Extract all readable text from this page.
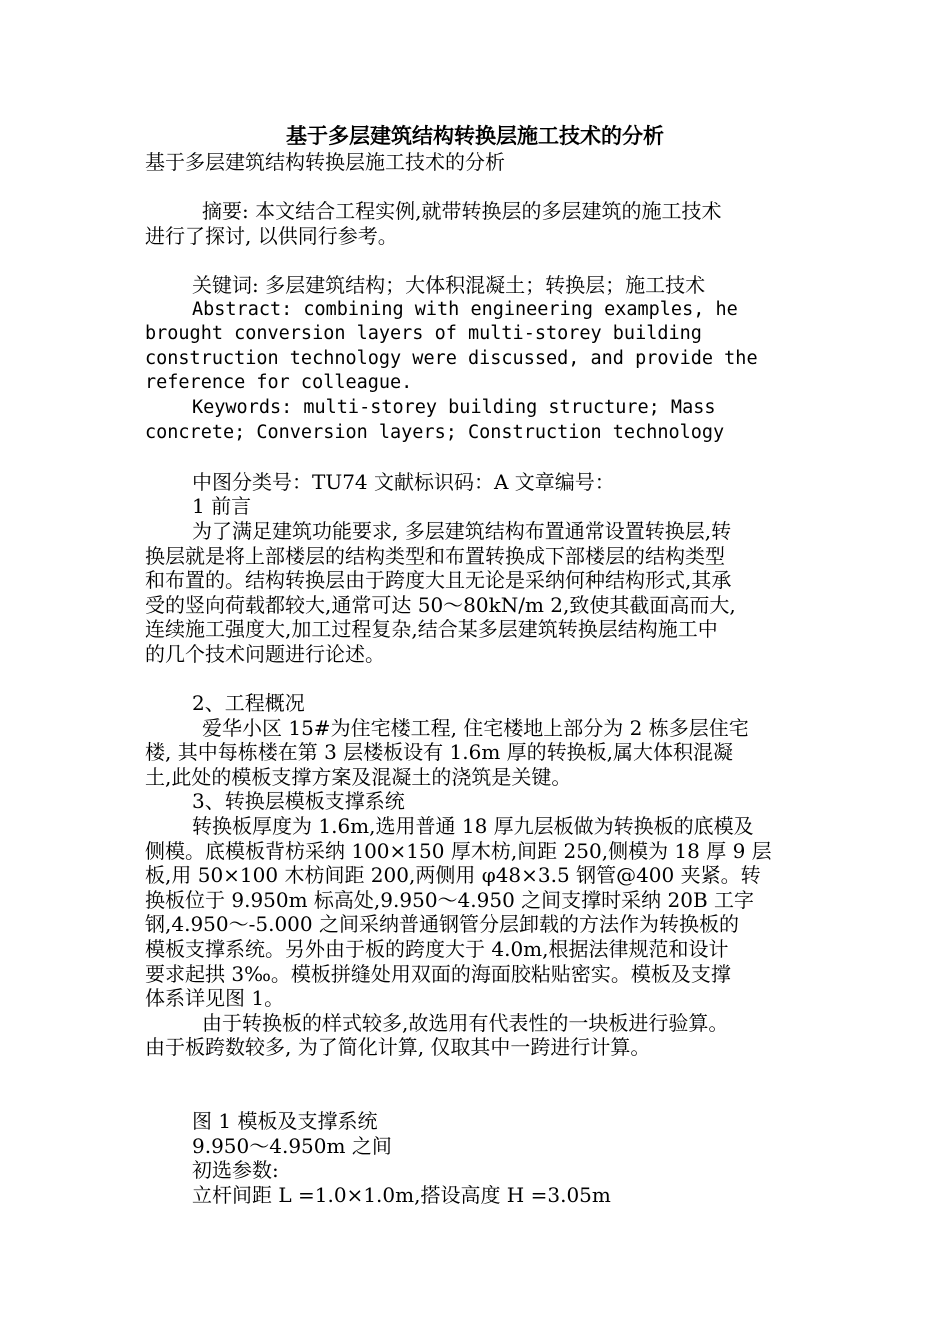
基于多层建筑结构转换层施工技术的分析
基于多层建筑结构转换层施工技术的分析
摘要: 本文结合工程实例,就带转换层的多层建筑的施工技术
进行了探讨, 以供同行参考。
关键词: 多层建筑结构；大体积混凝土；转换层；施工技术
Abstract: combining with engineering examples, he
brought conversion layers of multi-storey building
construction technology were discussed, and provide the
reference for colleague.
Keywords: multi-storey building structure; Mass
concrete; Conversion layers; Construction technology
中图分类号：TU74 文献标识码：A 文章编号：
1 前言
为了满足建筑功能要求, 多层建筑结构布置通常设置转换层,转
换层就是将上部楼层的结构类型和布置转换成下部楼层的结构类型
和布置的。结构转换层由于跨度大且无论是采纳何种结构形式,其承
受的竖向荷载都较大,通常可达 50～80kN/m 2,致使其截面高而大,
连续施工强度大,加工过程复杂,结合某多层建筑转换层结构施工中
的几个技术问题进行论述。
2、工程概况
爱华小区 15#为住宅楼工程, 住宅楼地上部分为 2 栋多层住宅
楼, 其中每栋楼在第 3 层楼板设有 1.6m 厚的转换板,属大体积混凝
土,此处的模板支撑方案及混凝土的浇筑是关键。
3、转换层模板支撑系统
转换板厚度为 1.6m,选用普通 18 厚九层板做为转换板的底模及
侧模。底模板背枋采纳 100×150 厚木枋,间距 250,侧模为 18 厚 9 层
板,用 50×100 木枋间距 200,两侧用 φ48×3.5 钢管@400 夹紧。转
换板位于 9.950m 标高处,9.950～4.950 之间支撑时采纳 20B 工字
钢,4.950～-5.000 之间采纳普通钢管分层卸载的方法作为转换板的
模板支撑系统。另外由于板的跨度大于 4.0m,根据法律规范和设计
要求起拱 3‰。模板拼缝处用双面的海面胶粘贴密实。模板及支撑
体系详见图 1。
由于转换板的样式较多,故选用有代表性的一块板进行验算。
由于板跨数较多, 为了简化计算, 仅取其中一跨进行计算。
图 1 模板及支撑系统
9.950～4.950m 之间
初选参数:
立杆间距 L =1.0×1.0m,搭设高度 H =3.05m
